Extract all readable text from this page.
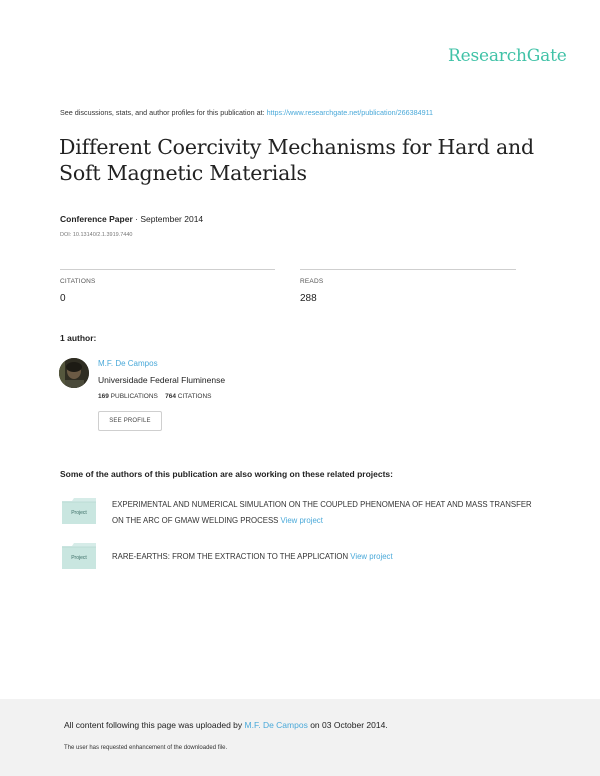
ResearchGate
See discussions, stats, and author profiles for this publication at: https://www.researchgate.net/publication/266384911
Different Coercivity Mechanisms for Hard and Soft Magnetic Materials
Conference Paper · September 2014
DOI: 10.13140/2.1.3919.7440
CITATIONS
0
READS
288
1 author:
M.F. De Campos
Universidade Federal Fluminense
169 PUBLICATIONS 764 CITATIONS
SEE PROFILE
Some of the authors of this publication are also working on these related projects:
Project
EXPERIMENTAL AND NUMERICAL SIMULATION ON THE COUPLED PHENOMENA OF HEAT AND MASS TRANSFER ON THE ARC OF GMAW WELDING PROCESS View project
Project	RARE-EARTHS: FROM THE EXTRACTION TO THE APPLICATION View project
All content following this page was uploaded by M.F. De Campos on 03 October 2014.
The user has requested enhancement of the downloaded file.
